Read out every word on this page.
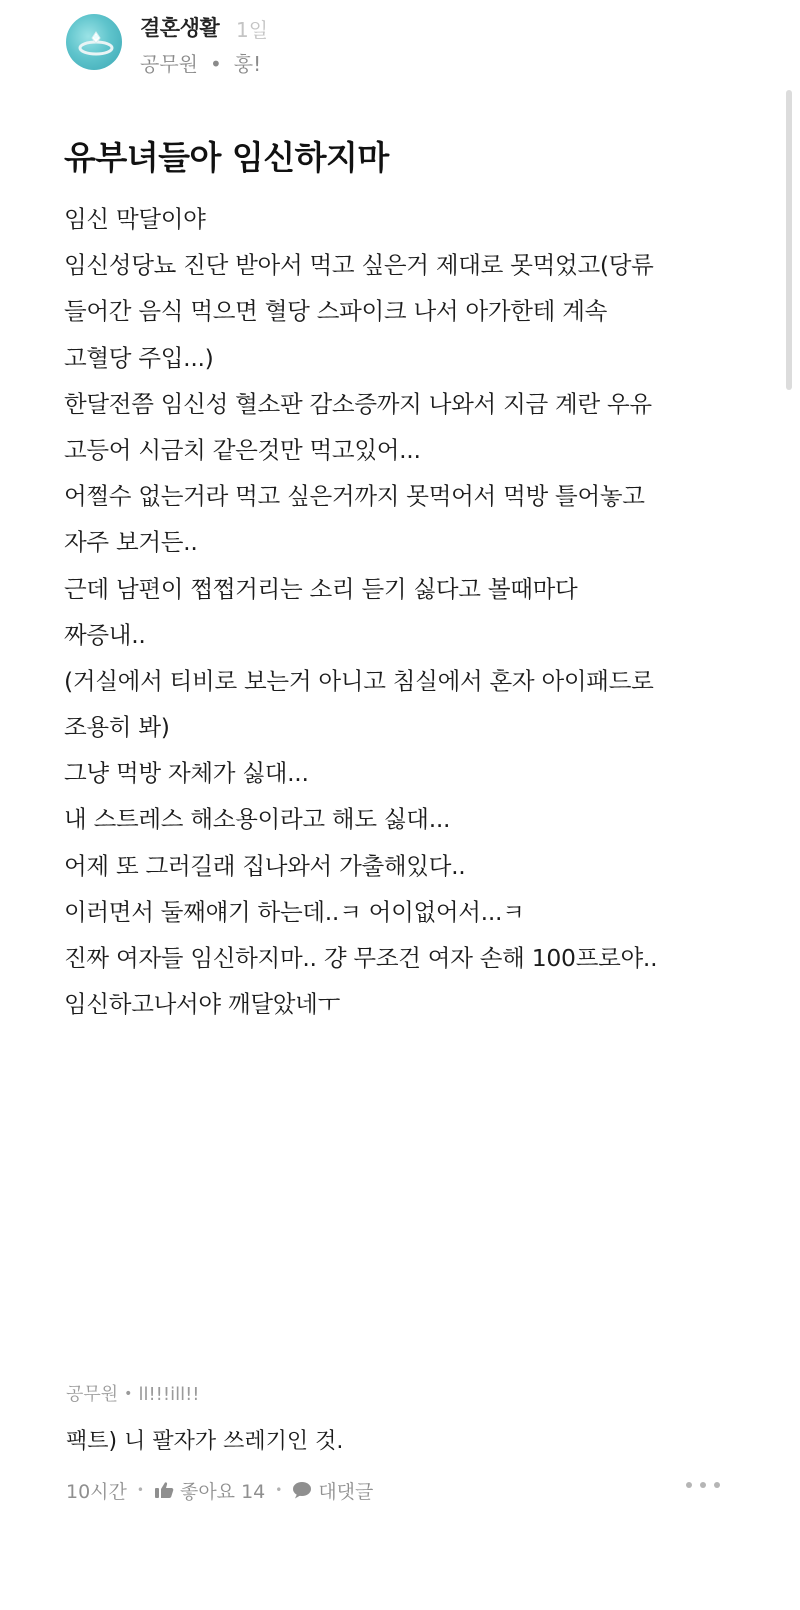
결혼생활 1일
공무원 • 훙!
유부녀들아 임신하지마
임신 막달이야
임신성당뇨 진단 받아서 먹고 싶은거 제대로 못먹었고(당류
들어간 음식 먹으면 혈당 스파이크 나서 아가한테 계속
고혈당 주입...)
한달전쯤 임신성 혈소판 감소증까지 나와서 지금 계란 우유
고등어 시금치 같은것만 먹고있어...
어쩔수 없는거라 먹고 싶은거까지 못먹어서 먹방 틀어놓고
자주 보거든..
근데 남편이 쩝쩝거리는 소리 듣기 싫다고 볼때마다
짜증내..
(거실에서 티비로 보는거 아니고 침실에서 혼자 아이패드로
조용히 봐)
그냥 먹방 자체가 싫대...
내 스트레스 해소용이라고 해도 싫대...
어제 또 그러길래 집나와서 가출해있다..
이러면서 둘째얘기 하는데..ㅋ 어이없어서...ㅋ
진짜 여자들 임신하지마.. 걍 무조건 여자 손해 100프로야..
임신하고나서야 깨달았네ㅜ
공무원 • ll!!!ill!!
팩트) 니 팔자가 쓰레기인 것.
10시간 • 좋아요 14 • 대댓글
